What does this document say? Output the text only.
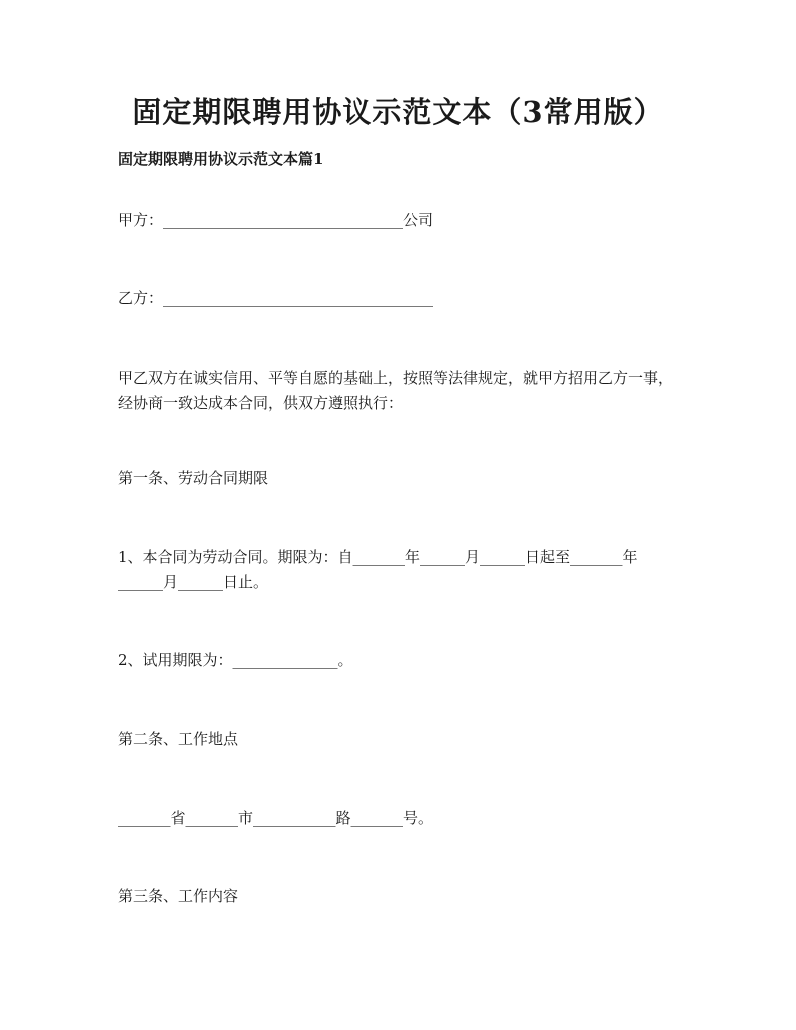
固定期限聘用协议示范文本（3常用版）

固定期限聘用协议示范文本篇1

甲方：________________________________公司

乙方：____________________________________

甲乙双方在诚实信用、平等自愿的基础上，按照等法律规定，就甲方招用乙方一事，经协商一致达成本合同，供双方遵照执行：

第一条、劳动合同期限

1、本合同为劳动合同。期限为：自_______年______月______日起至_______年______月______日止。

2、试用期限为：______________。

第二条、工作地点

_______省_______市___________路_______号。

第三条、工作内容
